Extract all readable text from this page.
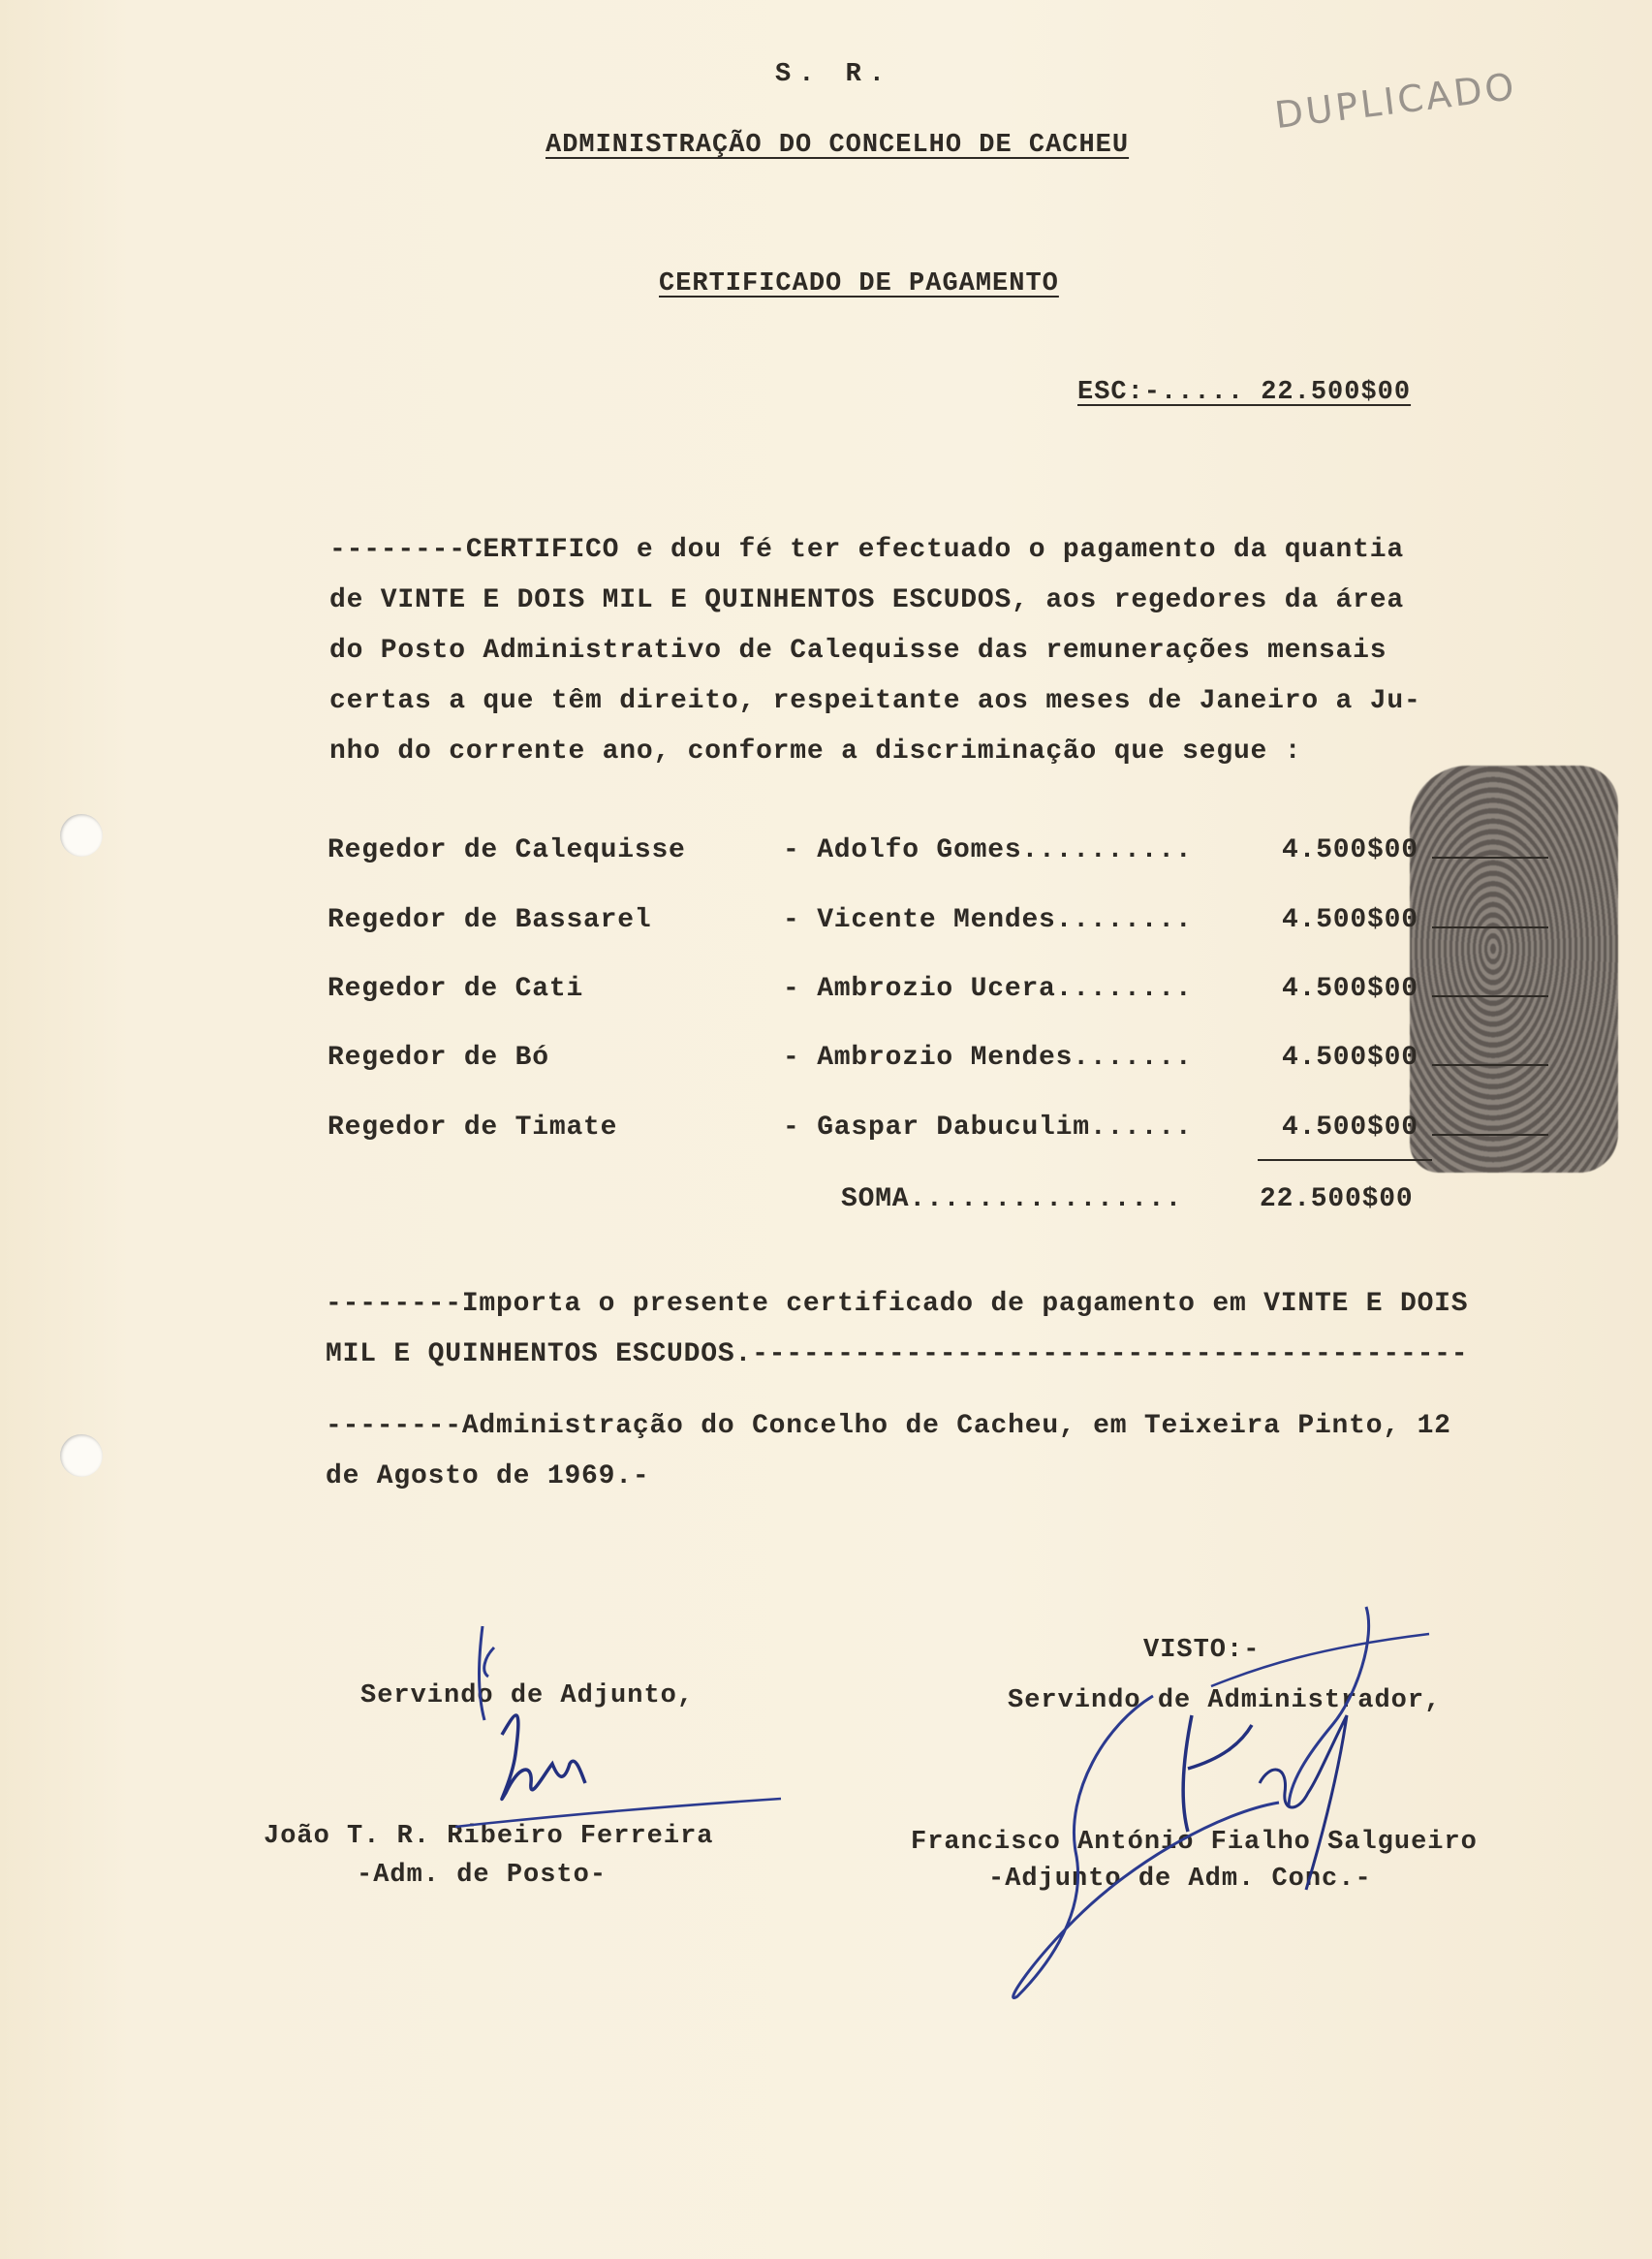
S. R.
ADMINISTRAÇÃO DO CONCELHO DE CACHEU
DUPLICADO
CERTIFICADO DE PAGAMENTO
ESC:-..... 22.500$00

--------CERTIFICO e dou fé ter efectuado o pagamento da quantia

de VINTE E DOIS MIL E QUINHENTOS ESCUDOS, aos regedores da área

do Posto Administrativo de Calequisse das remunerações mensais

certas a que têm direito, respeitante aos meses de Janeiro a Ju-

nho do corrente ano, conforme a discriminação que segue :

Regedor de Calequisse	- Adolfo Gomes..........	4.500$00
Regedor de Bassarel	- Vicente Mendes........	4.500$00
Regedor de Cati	- Ambrozio Ucera........	4.500$00
Regedor de Bó	- Ambrozio Mendes.......	4.500$00
Regedor de Timate	- Gaspar Dabuculim......	4.500$00
SOMA................	22.500$00

--------Importa o presente certificado de pagamento em VINTE E DOIS

MIL E QUINHENTOS ESCUDOS.------------------------------------------

--------Administração do Concelho de Cacheu, em Teixeira Pinto, 12

de Agosto de 1969.-

VISTO:-
Servindo de Adjunto,
João T. R. Ribeiro Ferreira
-Adm. de Posto-
Servindo de Administrador,
Francisco António Fialho Salgueiro
-Adjunto de Adm. Conc.-
